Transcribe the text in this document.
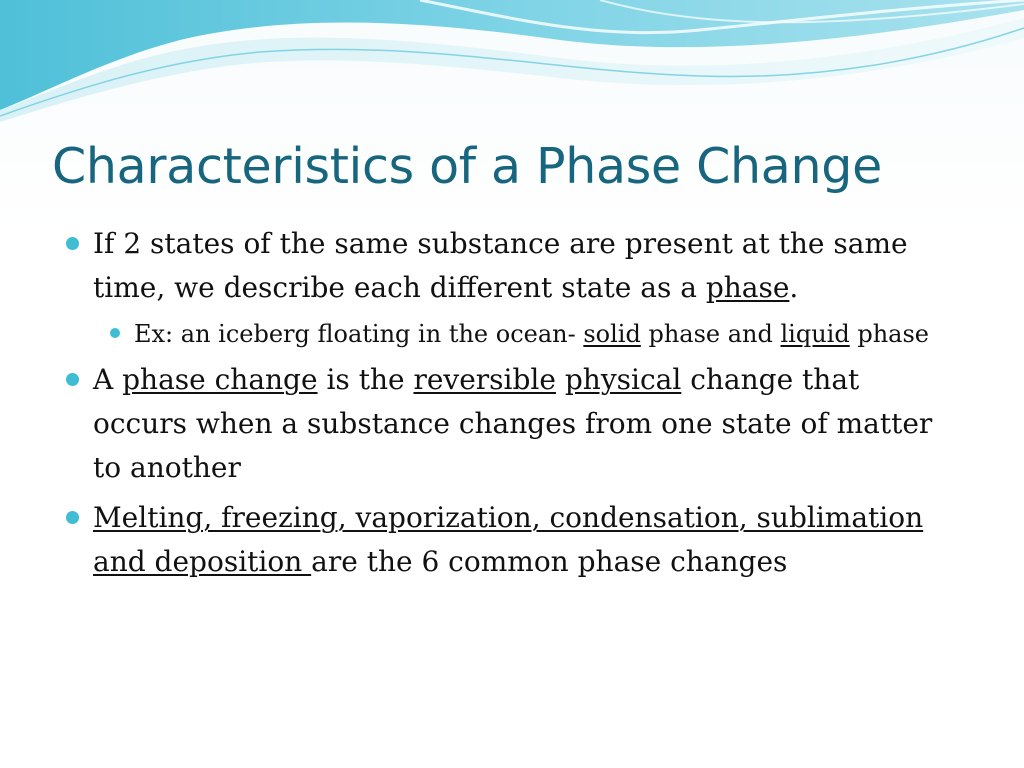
Characteristics of a Phase Change
If 2 states of the same substance are present at the same time, we describe each different state as a phase.
Ex: an iceberg floating in the ocean- solid phase and liquid phase
A phase change is the reversible physical change that occurs when a substance changes from one state of matter to another
Melting, freezing, vaporization, condensation, sublimation and deposition are the 6 common phase changes
